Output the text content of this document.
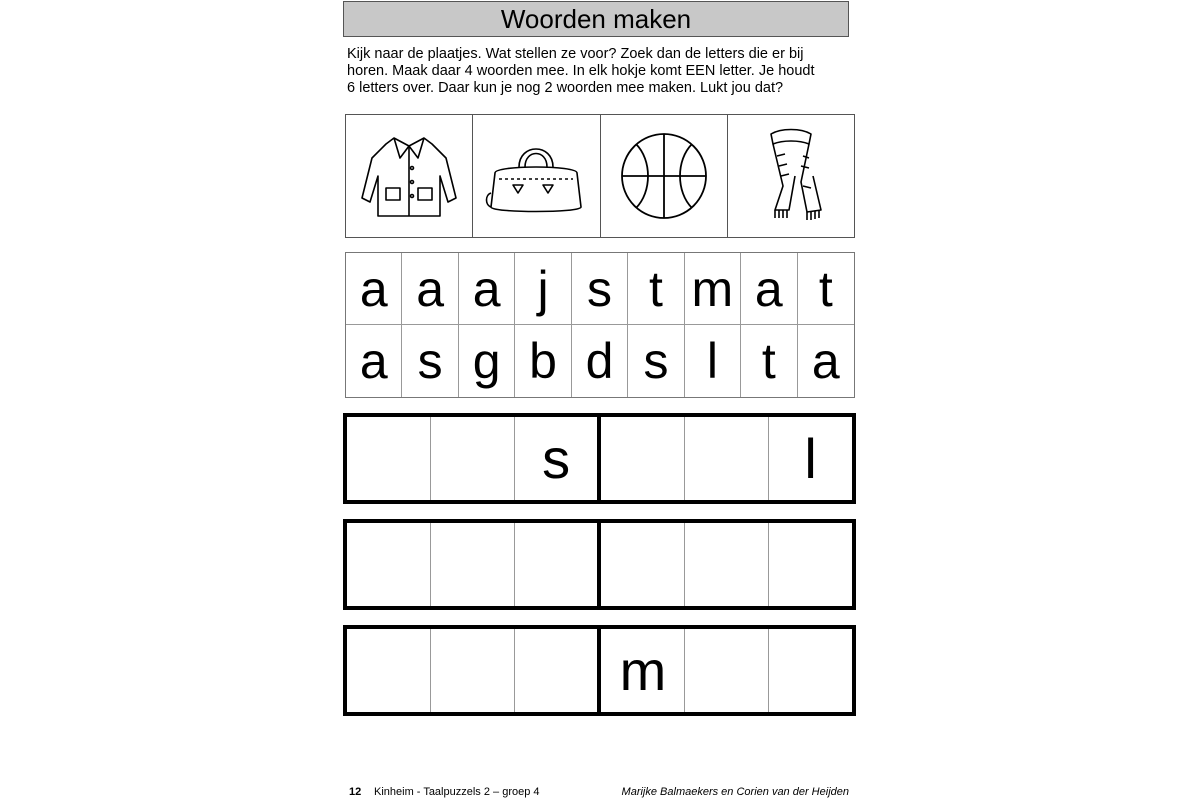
Woorden maken
Kijk naar de plaatjes. Wat stellen ze voor? Zoek dan de letters die er bij
horen. Maak daar 4 woorden mee. In elk hokje komt EEN letter. Je houdt
6 letters over. Daar kun je nog 2 woorden mee maken. Lukt jou dat?
a a a j s t m a t
a s g b d s l t a
s	l
m
12 Kinheim - Taalpuzzels 2 – groep 4	Marijke Balmaekers en Corien van der Heijden
